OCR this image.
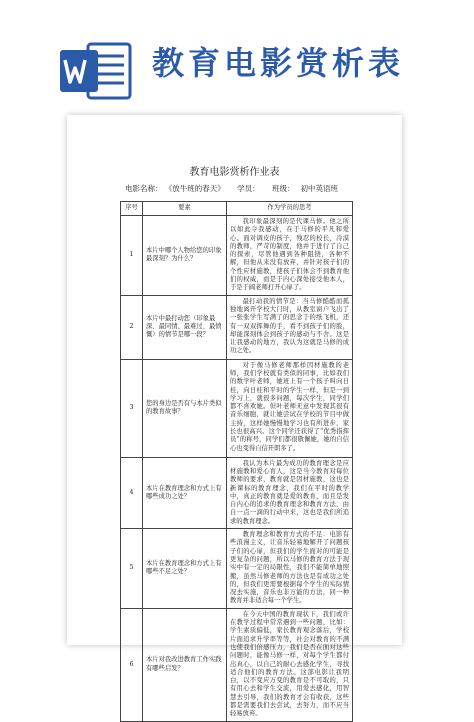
教育电影赏析表
教育电影赏析作业表
电影名称： 《放牛班的春天》 学员： 班级： 初中英语班
序号	要素	作为学员的思考
1	本片中哪个人物给您的印象最深刻？为什么？	我印象最深刻的是代课马修。他之所以如此令我感动，在于马修的平凡和爱心。面对调皮的孩子，残忍的校长，冷漠的教师，严苛的制度，他并于进行了自己的探索，尽管他遇到各种阻挠，各种不解，但他从来没有放弃，并针对孩子们的个性应材施教，使孩子们体会不到教育他们的权威，而是于内心深处接受他本人，于是于阔老师打开心扉了。
2	本片中最打动您（印象最深、最同情、最难过、最愤慨）的情节是哪一段？	最打动我的情节是：当马修酷酷而孤独地离开学校大门时，从教室窗户飞出了一张张学生写满了的思念于的纸飞机，还有一双双挥舞的手，看不到孩子们的脸，却能深刻体会到孩子的感动与不舍。这是让我感动的地方，我认为这就是马修的成功之处。
3	您的身边是否有与本片类似的教育故事？	对于像马修老师那样因材施教的老师，我们学校就有类似的同事，比如我们的数学叶老师，她班上有一个孩子叫向日桂，向日桂和平时的学生一样，但是一到学习上，就很多问题，每次学生，同学们都不喜欢她。但叶老师无意中发现其很有音乐细胞，就让她尝试在学校的节目中做主持，这样她慢慢地学习也有所进步，家长也很高兴。这个同学还获得了“优秀指挥员”的称号，同学们都很敬佩她，她的自信心也变得自信开朗多了。
4	本片在教育理念和方式上有哪些成功之处？	我认为本片最为成功的教育理念是应材施教和爱心育人，这是当今教育对每位教师的要求，教育就是因材施教，这也是新课标的教育理念，我们在平时的教学中，真正的教育就是爱的教育，而且是发自内心的追求的教育理念和教育方法，由自一点一滴的行动中来，这也是我们所追求的教育理念。
5	本片在教育理念和方式上有哪些不足之处？	教育理念和教育方式的不足：电影有些浪漫主义，让音乐轻易地解开了问题孩子们的心扉，但我们的学生面对的可能是更复杂的问题，所以马修的教育方法于现实中有一定的局限性，我们不能简单地照搬，虽然马修老师的方法也是有成功之处的，但我们更需要根据每个学生的实际情况去实施，音乐也非万能的方法，同一种教育并非适合每一个学生。
6	本片对我改进教育工作实践有哪些启发？	在今天中国的教育现状下，我们或许在教学过程中常常遇到一些问题，比如：学生素质偏低，家长教育观念落后，学校片面追求升学率等等，社会对教育的不满也使我们倍感压力，我们是否在面对这些问题时，能像马修一样，对每个学生都付出真心，以自己的耐心去感化学生，寻找适合他们的教育方法。这部电影让我明白，以不变应万变的教育是不可取的，只有用心去和学生交流，用爱去感化，用智慧去引导，我们的教育才会有收获，这些都是需要我们去尝试，去努力，而不应当轻易放弃。
